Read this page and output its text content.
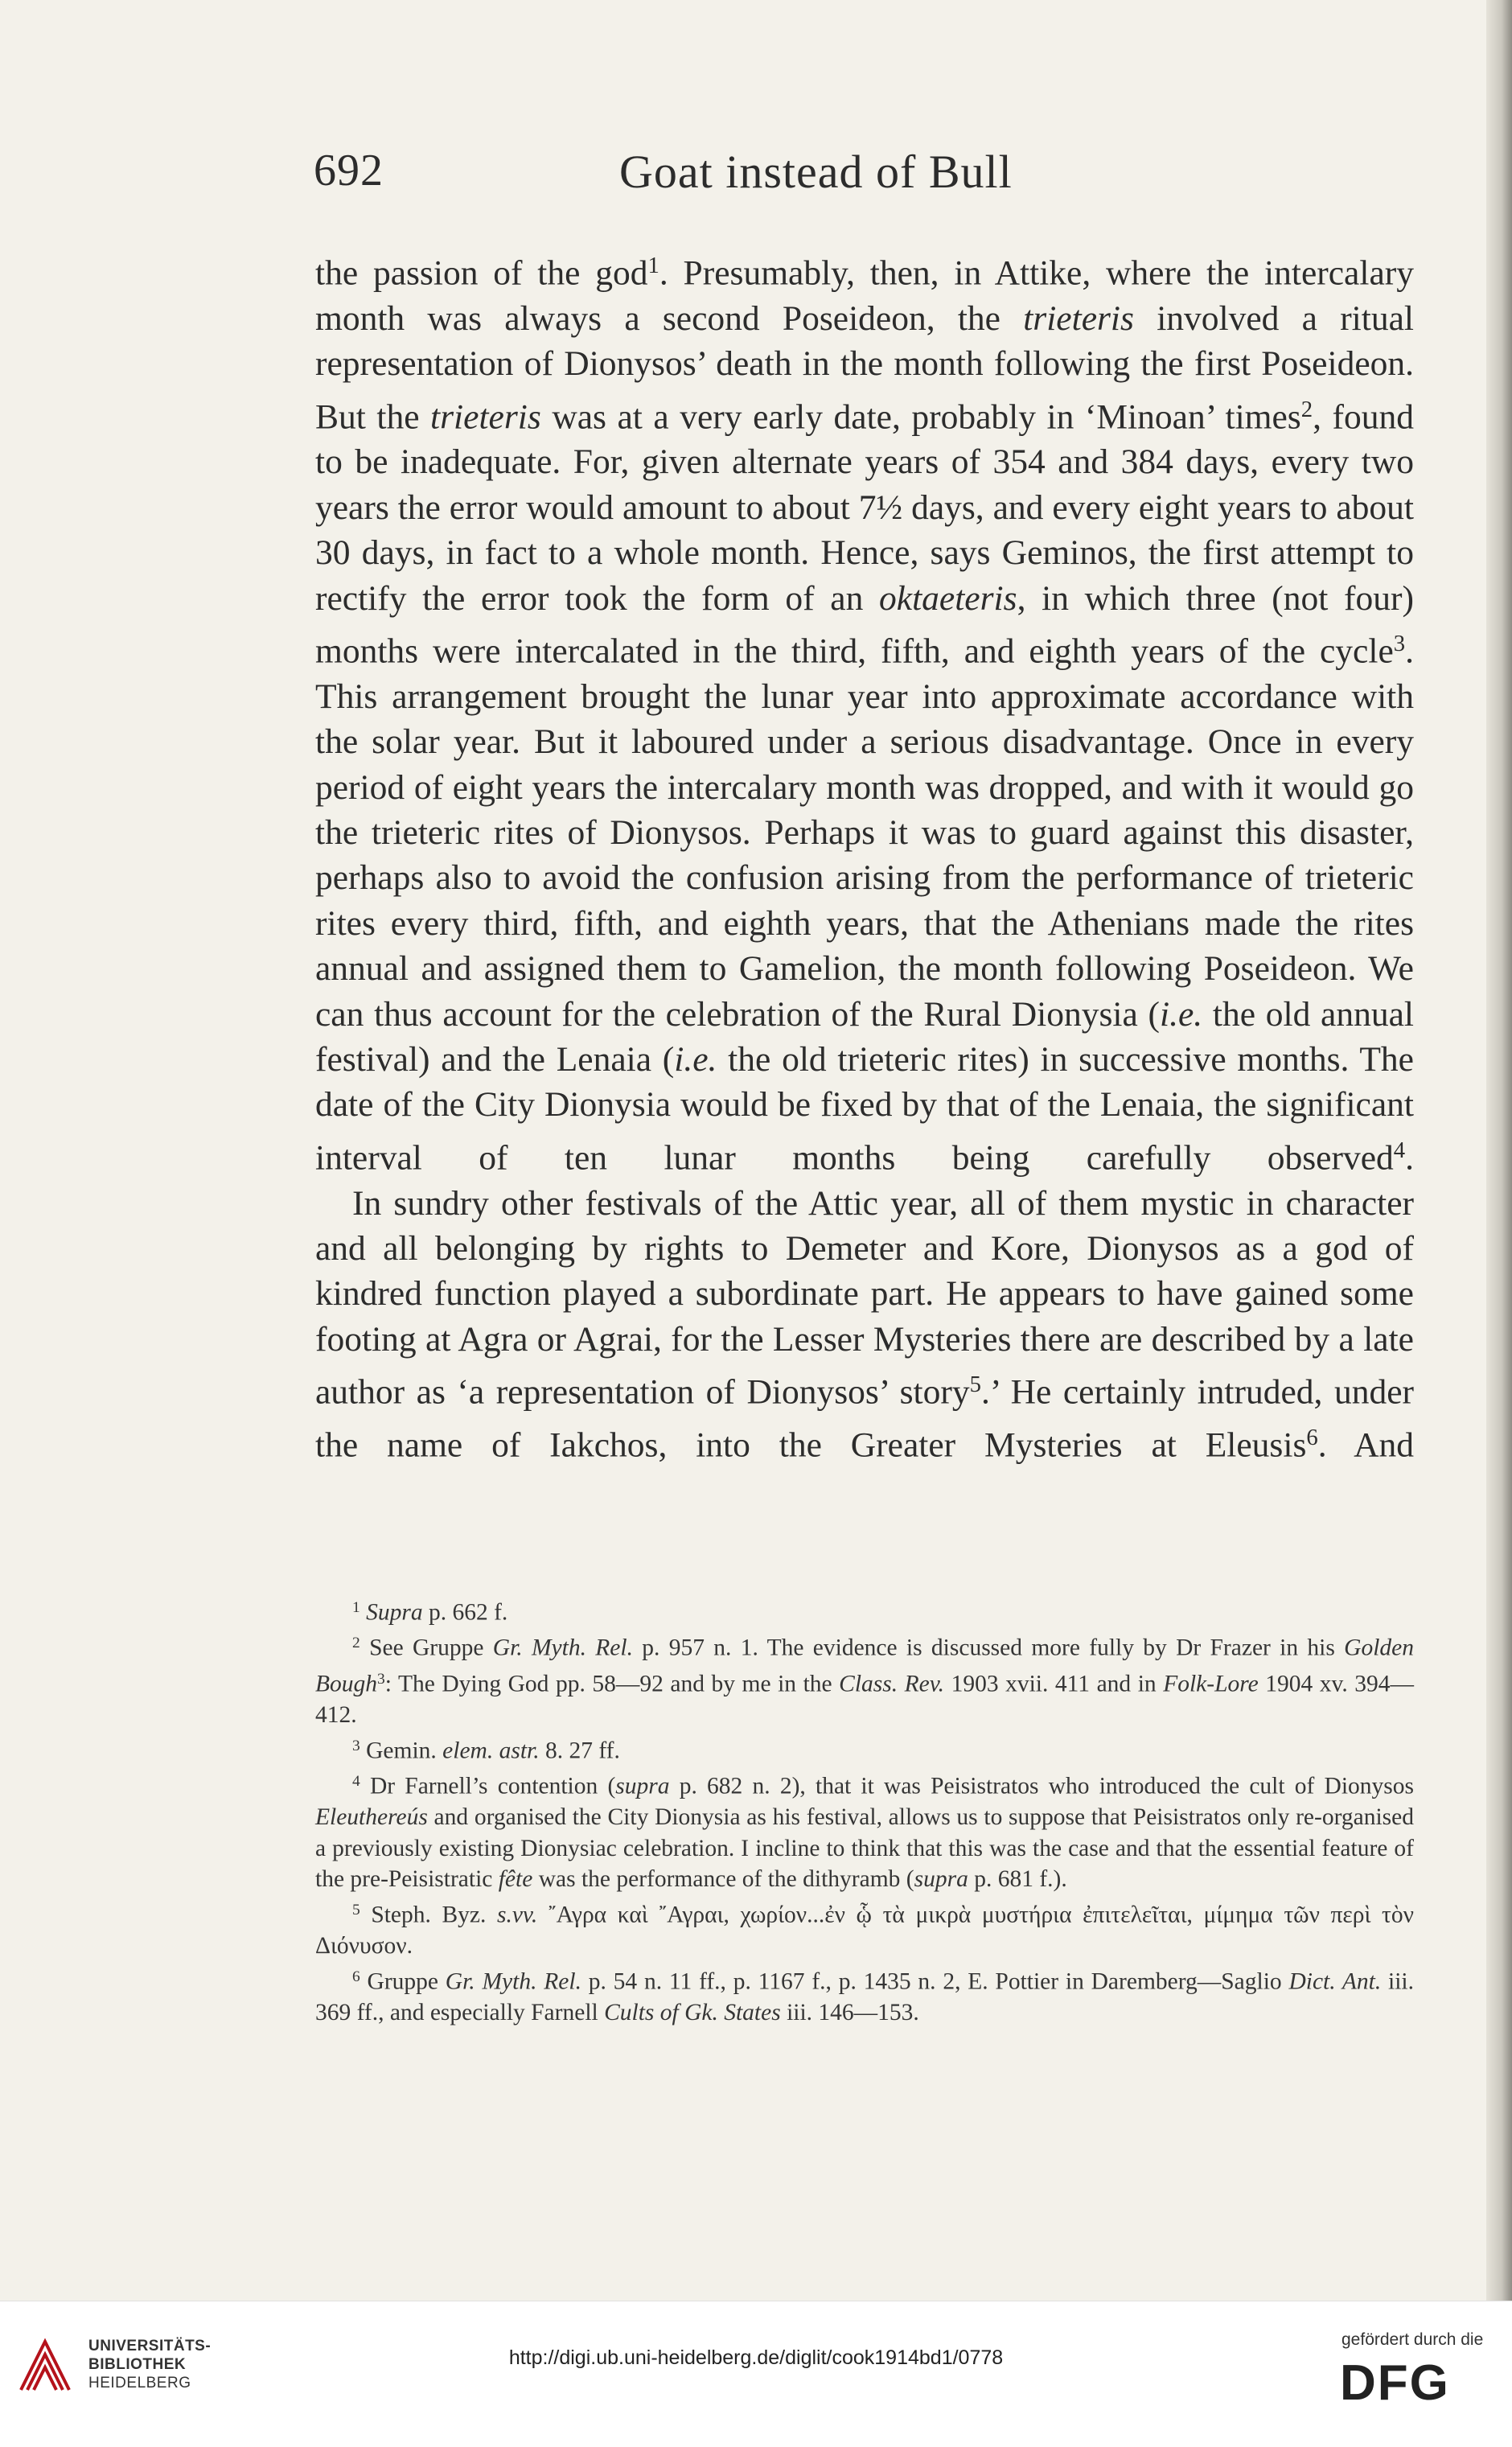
692	Goat instead of Bull

the passion of the god$^1$. Presumably, then, in Attike, where the intercalary month was always a second Poseideon, the trieteris involved a ritual representation of Dionysos’ death in the month following the first Poseideon. But the trieteris was at a very early date, probably in ‘Minoan’ times$^2$, found to be inadequate. For, given alternate years of 354 and 384 days, every two years the error would amount to about 7½ days, and every eight years to about 30 days, in fact to a whole month. Hence, says Geminos, the first attempt to rectify the error took the form of an oktaeteris, in which three (not four) months were intercalated in the third, fifth, and eighth years of the cycle$^3$. This arrangement brought the lunar year into approximate accordance with the solar year. But it laboured under a serious disadvantage. Once in every period of eight years the intercalary month was dropped, and with it would go the trieteric rites of Dionysos. Perhaps it was to guard against this disaster, perhaps also to avoid the confusion arising from the performance of trieteric rites every third, fifth, and eighth years, that the Athenians made the rites annual and assigned them to Gamelion, the month following Poseideon. We can thus account for the celebration of the Rural Dionysia (i.e. the old annual festival) and the Lenaia (i.e. the old trieteric rites) in successive months. The date of the City Dionysia would be fixed by that of the Lenaia, the significant interval of ten lunar months being carefully observed$^4$.

In sundry other festivals of the Attic year, all of them mystic in character and all belonging by rights to Demeter and Kore, Dionysos as a god of kindred function played a subordinate part. He appears to have gained some footing at Agra or Agrai, for the Lesser Mysteries there are described by a late author as ‘a representation of Dionysos’ story$^5$.’ He certainly intruded, under the name of Iakchos, into the Greater Mysteries at Eleusis$^6$. And

$^1$ Supra p. 662 f.

$^2$ See Gruppe Gr. Myth. Rel. p. 957 n. 1. The evidence is discussed more fully by Dr Frazer in his Golden Bough$^3$: The Dying God pp. 58—92 and by me in the Class. Rev. 1903 xvii. 411 and in Folk-Lore 1904 xv. 394—412.

$^3$ Gemin. elem. astr. 8. 27 ff.

$^4$ Dr Farnell’s contention (supra p. 682 n. 2), that it was Peisistratos who introduced the cult of Dionysos Eleuthereús and organised the City Dionysia as his festival, allows us to suppose that Peisistratos only re-organised a previously existing Dionysiac celebration. I incline to think that this was the case and that the essential feature of the pre-Peisistratic fête was the performance of the dithyramb (supra p. 681 f.).

$^5$ Steph. Byz. s.vv. ῎Αγρα καὶ ῎Αγραι, χωρίον...ἐν ᾧ τὰ μικρὰ μυστήρια ἐπιτελεῖται, μίμημα τῶν περὶ τὸν Διόνυσον.

$^6$ Gruppe Gr. Myth. Rel. p. 54 n. 11 ff., p. 1167 f., p. 1435 n. 2, E. Pottier in Daremberg—Saglio Dict. Ant. iii. 369 ff., and especially Farnell Cults of Gk. States iii. 146—153.

UNIVERSITÄTS-
BIBLIOTHEK
HEIDELBERG
http://digi.ub.uni-heidelberg.de/diglit/cook1914bd1/0778
gefördert durch die
DFG
